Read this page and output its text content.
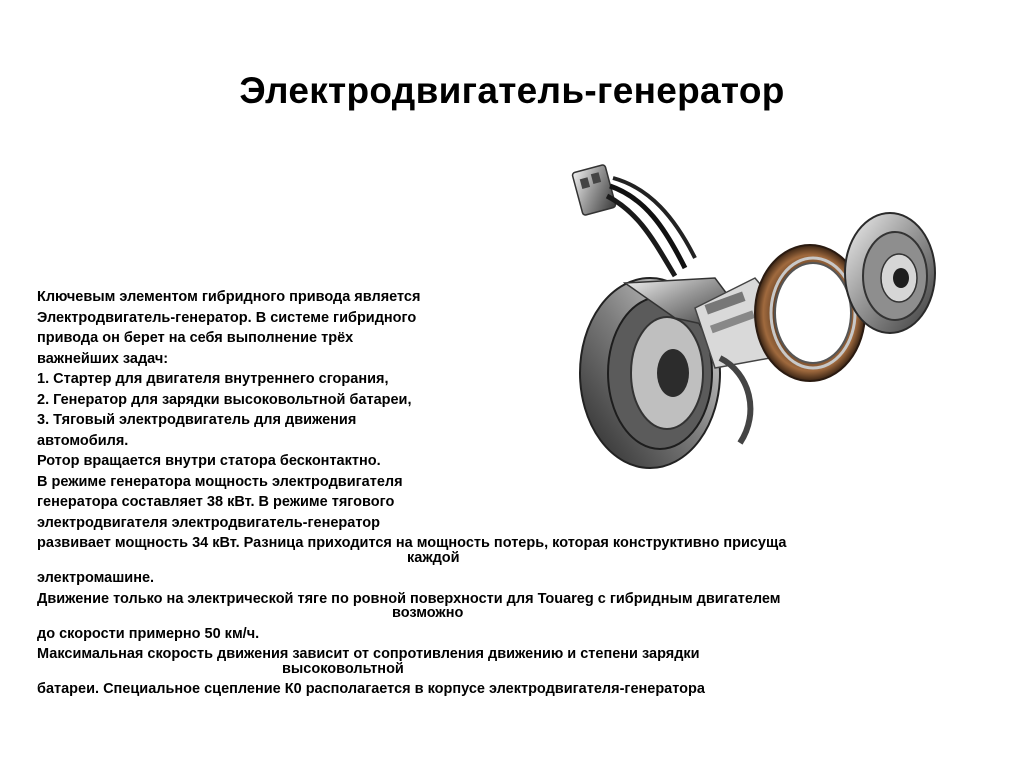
Электродвигатель-генератор
Ключевым элементом гибридного привода является
Электродвигатель-генератор. В системе гибридного
привода он берет на себя выполнение трёх
важнейших задач:
1. Стартер для двигателя внутреннего сгорания,
2. Генератор для зарядки высоковольтной батареи,
3. Тяговый электродвигатель для движения
автомобиля.
Ротор вращается внутри статора бесконтактно.
В режиме генератора мощность электродвигателя
генератора составляет 38 кВт. В режиме тягового
электродвигателя электродвигатель-генератор
развивает мощность 34 кВт. Разница приходится на мощность потерь, которая конструктивно присуща
каждой
электромашине.
Движение только на электрической тяге по ровной поверхности для Touareg с гибридным двигателем
возможно
до скорости примерно 50 км/ч.
Максимальная скорость движения зависит от сопротивления движению и степени зарядки
высоковольтной
батареи. Специальное сцепление К0 располагается в корпусе электродвигателя-генератора
